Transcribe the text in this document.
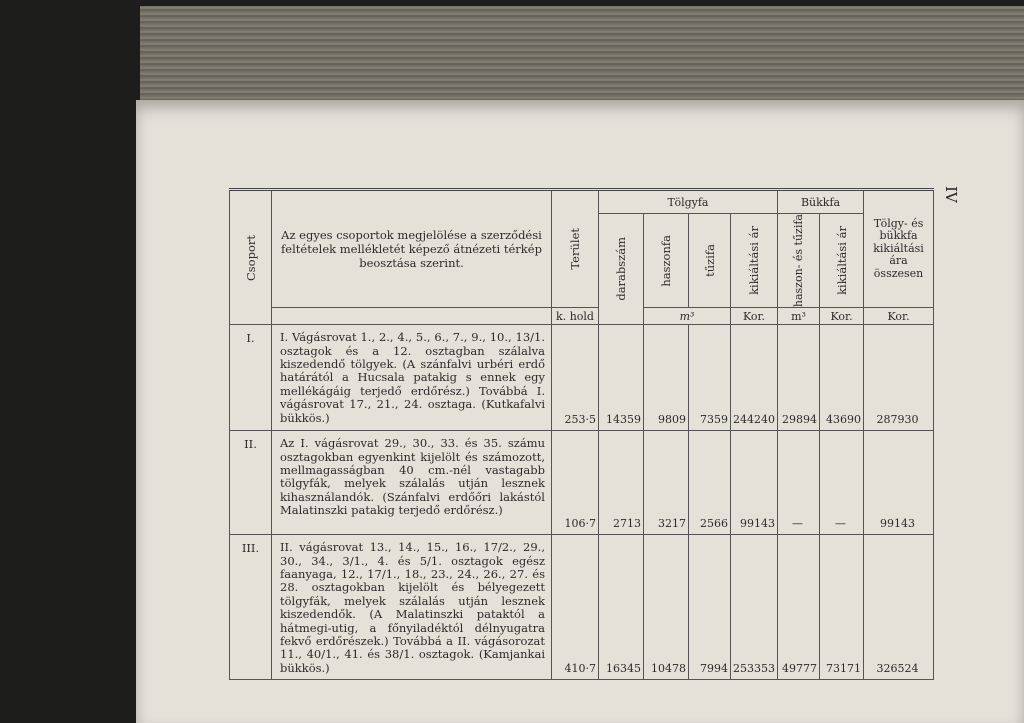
IV
Csoport	Az egyes csoportok megjelölése a szerződési feltételek mellékletét képező átnézeti térkép beosztása szerint.	Terület	Tölgyfa				Bükkfa		Tölgy- és bükkfa kikiáltási ára összesen

			darabszám	haszonfa	tűzifa	kikiáltási ár	haszon- és tűzifa	kikiáltási ár	

		k. hold		m³		Kor.	m³	Kor.	Kor.
I.	I. Vágásrovat 1., 2., 4., 5., 6., 7., 9., 10., 13/1. osztagok és a 12. osztagban szálalva kiszedendő tölgyek. (A szánfalvi urbéri erdő határától a Hucsala patakig s ennek egy mellékágáig terjedő erdőrész.) Továbbá I. vágásrovat 17., 21., 24. osztaga. (Kutkafalvi bükkös.)	253·5	14359	9809	7359	244240	29894	43690	287930
II.	Az I. vágásrovat 29., 30., 33. és 35. számu osztagokban egyenkint kijelölt és számozott, mellmagasságban 40 cm.-nél vastagabb tölgyfák, melyek szálalás utján lesznek kihasználandók. (Szánfalvi erdőőri lakástól Malatinszki patakig terjedő erdőrész.)	106·7	2713	3217	2566	99143	—	—	99143
III.	II. vágásrovat 13., 14., 15., 16., 17/2., 29., 30., 34., 3/1., 4. és 5/1. osztagok egész faanyaga, 12., 17/1., 18., 23., 24., 26., 27. és 28. osztagokban kijelölt és bélyegezett tölgyfák, melyek szálalás utján lesznek kiszedendők. (A Malatinszki pataktól a hátmegi-utig, a főnyiladéktól délnyugatra fekvő erdőrészek.) Továbbá a II. vágásorozat 11., 40/1., 41. és 38/1. osztagok. (Kamjankai bükkös.)	410·7	16345	10478	7994	253353	49777	73171	326524
